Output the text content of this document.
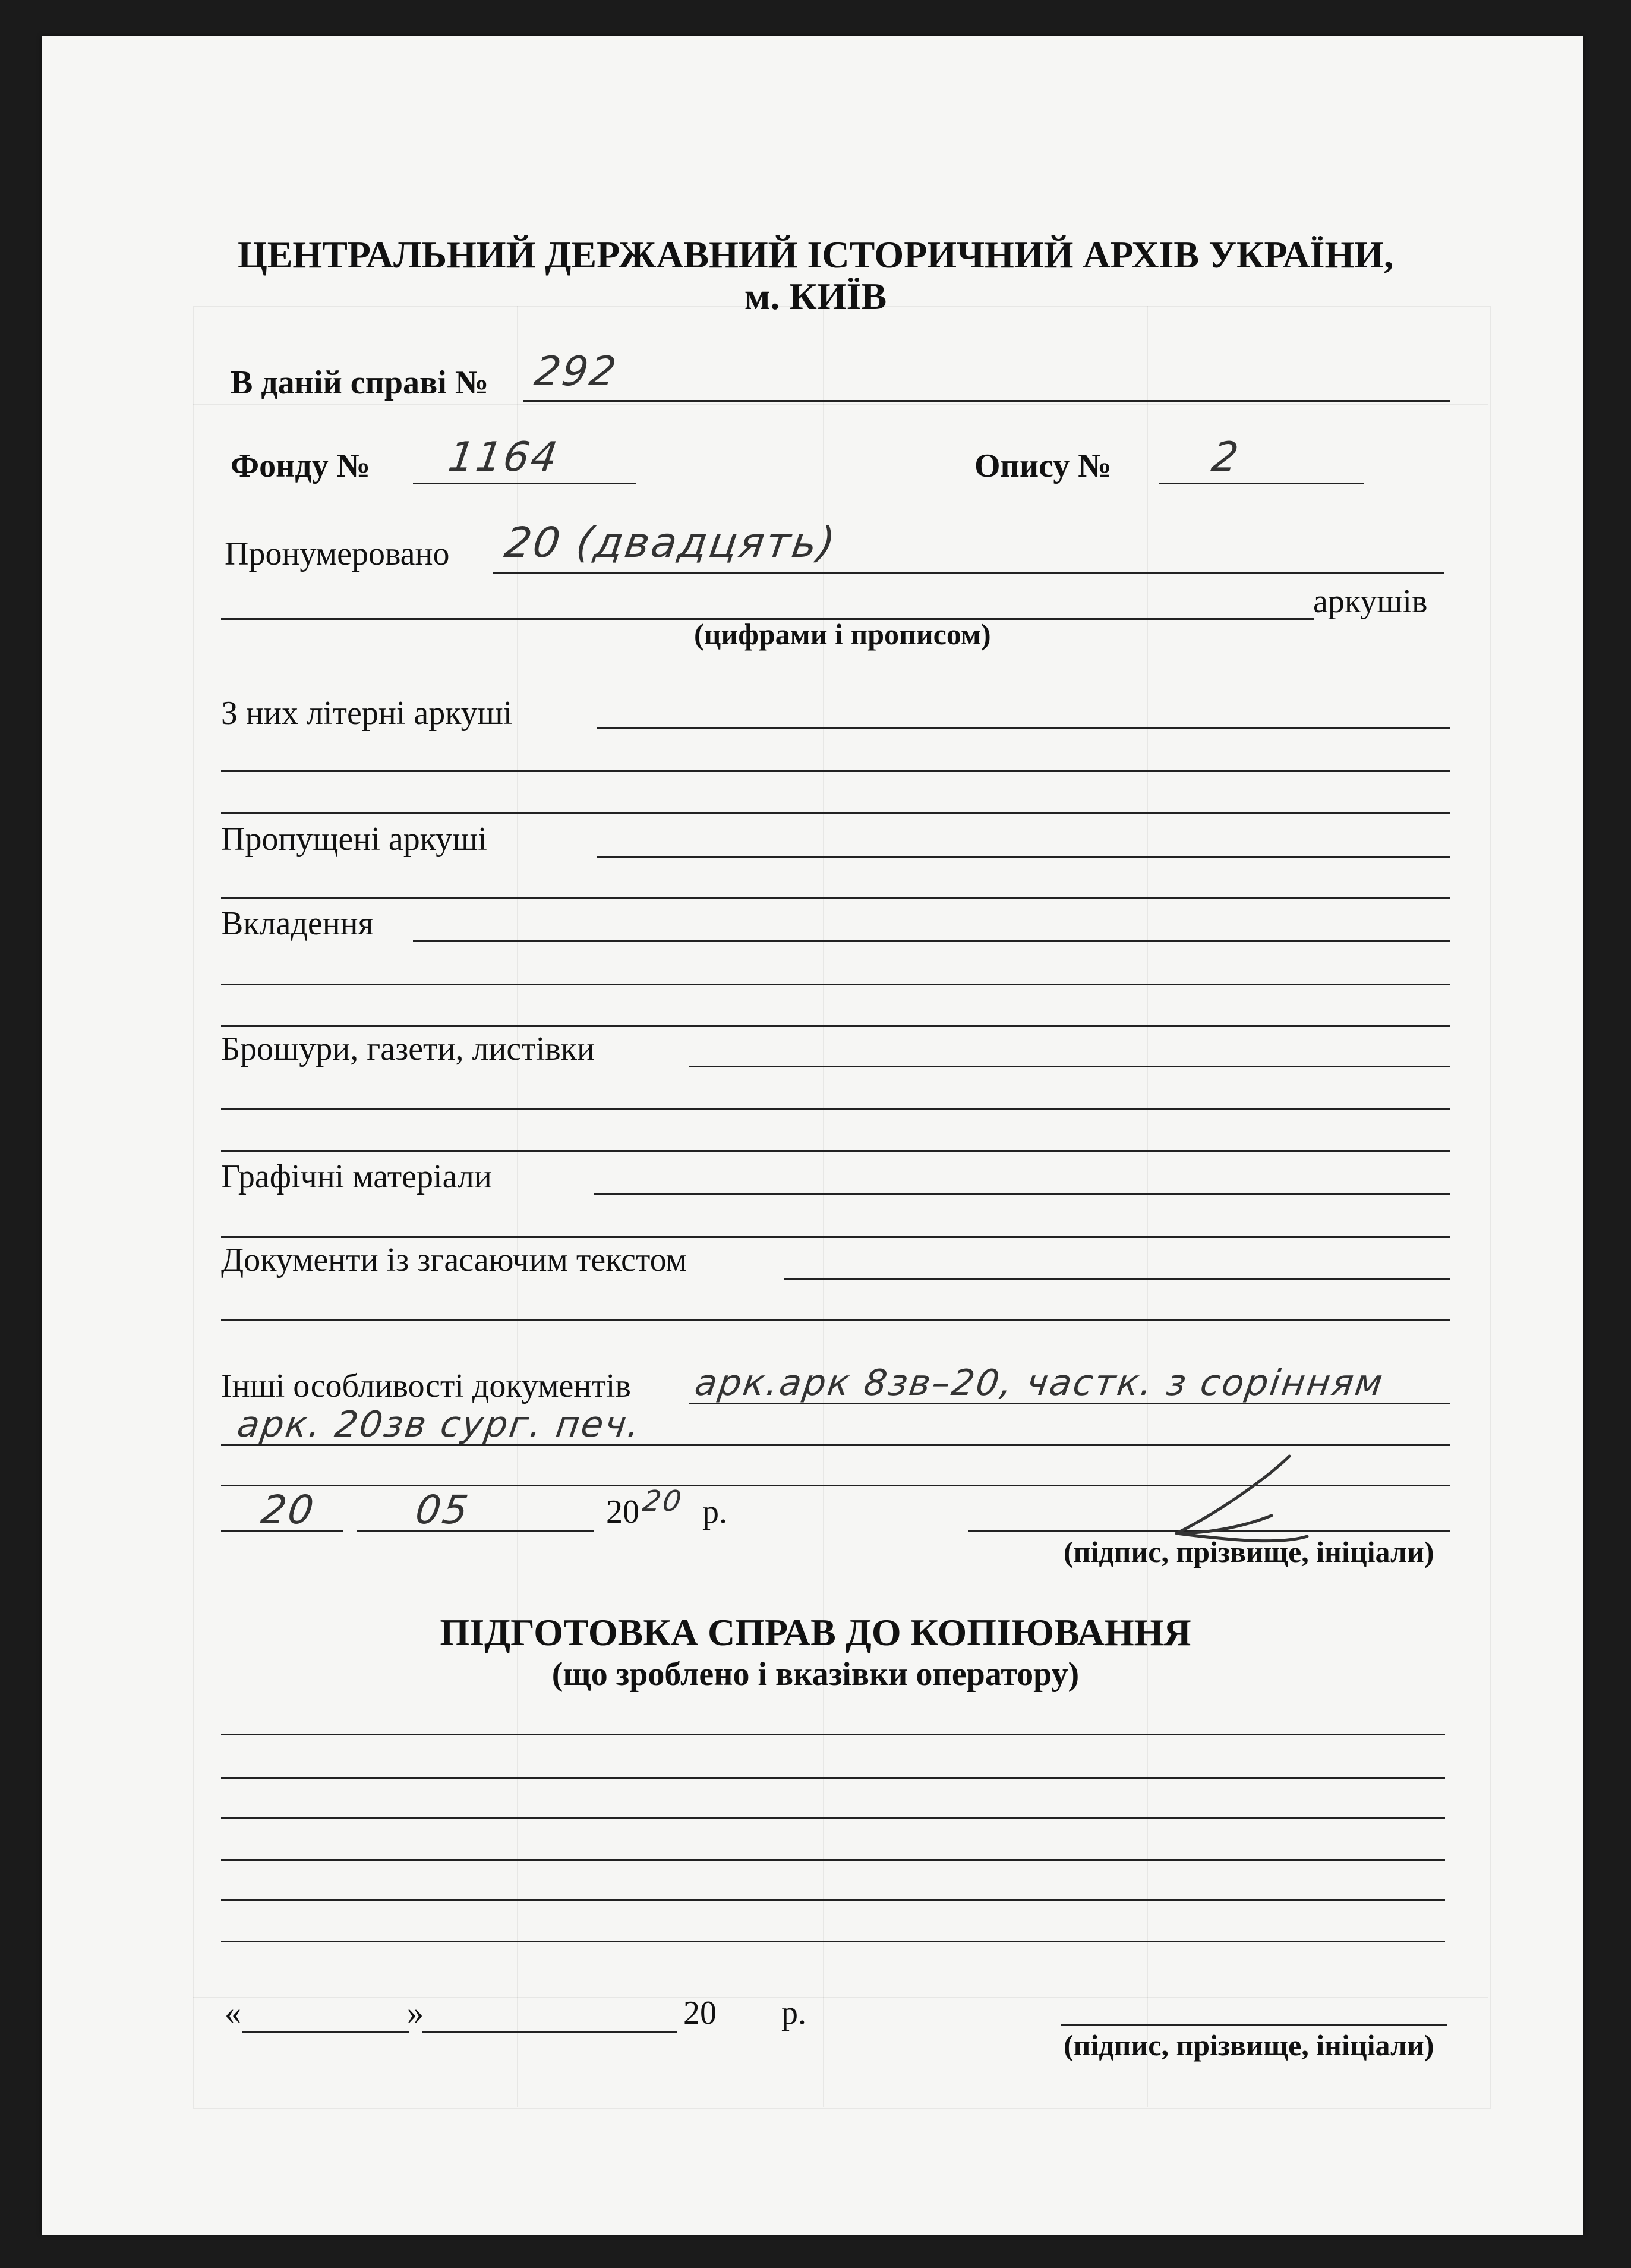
ЦЕНТРАЛЬНИЙ ДЕРЖАВНИЙ ІСТОРИЧНИЙ АРХІВ УКРАЇНИ,
м. КИЇВ
В даній справі № 292
Фонду № 1164	Опису № 2
Пронумеровано 20 (двадцять)
аркушів
(цифрами і прописом)
З них літерні аркуші
Пропущені аркуші
Вкладення
Брошури, газети, листівки
Графічні матеріали
Документи із згасаючим текстом
Інші особливості документів арк.арк 8зв–20, частк. з сорінням
арк. 20зв сург. печ.
20 05	20 20 р.
(підпис, прізвище, ініціали)
ПІДГОТОВКА СПРАВ ДО КОПІЮВАННЯ
(що зроблено і вказівки оператору)
«	»	20 р.
(підпис, прізвище, ініціали)
